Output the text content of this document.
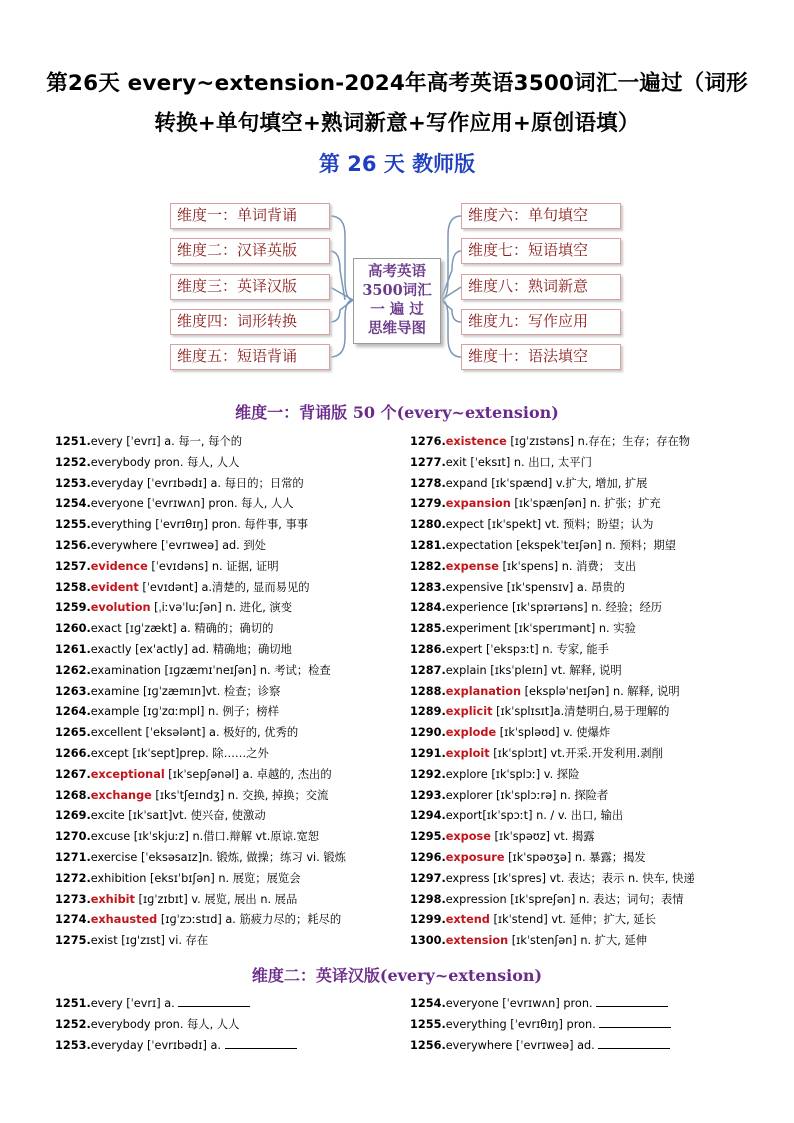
第26天 every~extension-2024年高考英语3500词汇一遍过（词形转换+单句填空+熟词新意+写作应用+原创语填）
第 26 天 教师版
维度一：单词背诵
维度二：汉译英版
维度三：英译汉版
维度四：词形转换
维度五：短语背诵
维度六：单句填空
维度七：短语填空
维度八：熟词新意
维度九：写作应用
维度十：语法填空
高考英语
3500词汇
一 遍 过
思维导图
维度一：背诵版 50 个(every~extension)
1251.every [ˈevrɪ] a. 每一, 每个的
1252.everybody pron. 每人, 人人
1253.everyday [ˈevrɪbədɪ] a. 每日的；日常的
1254.everyone [ˈevrɪwʌn] pron. 每人, 人人
1255.everything [ˈevrɪθɪŋ] pron. 每件事, 事事
1256.everywhere [ˈevrɪweə] ad. 到处
1257.evidence [ˈevɪdəns] n. 证据, 证明
1258.evident [ˈevɪdənt] a.清楚的, 显而易见的
1259.evolution [ˌiːvəˈluːʃən] n. 进化, 演变
1260.exact [ɪɡˈzækt] a. 精确的；确切的
1261.exactly [ex'actly] ad. 精确地；确切地
1262.examination [ɪɡzæmɪˈneɪʃən] n. 考试；检查
1263.examine [ɪɡˈzæmɪn]vt. 检查；诊察
1264.example [ɪɡˈzɑːmpl] n. 例子；榜样
1265.excellent [ˈeksələnt] a. 极好的, 优秀的
1266.except [ɪkˈsept]prep. 除……之外
1267.exceptional [ɪkˈsepʃənəl] a. 卓越的, 杰出的
1268.exchange [ɪksˈtʃeɪndʒ] n. 交换, 掉换；交流
1269.excite [ɪkˈsaɪt]vt. 使兴奋, 使激动
1270.excuse [ɪkˈskjuːz] n.借口.辩解 vt.原谅.宽恕
1271.exercise [ˈeksəsaɪz]n. 锻炼, 做操；练习 vi. 锻炼
1272.exhibition [eksɪˈbɪʃən] n. 展览；展览会
1273.exhibit [ɪɡˈzɪbɪt] v. 展览, 展出 n. 展品
1274.exhausted [ɪɡˈzɔːstɪd] a. 筋疲力尽的；耗尽的
1275.exist [ɪg'zɪst] vi. 存在
1276.existence [ɪɡˈzɪstəns] n.存在；生存；存在物
1277.exit [ˈeksɪt] n. 出口, 太平门
1278.expand [ɪkˈspænd] v.扩大, 增加, 扩展
1279.expansion [ɪkˈspænʃən] n. 扩张；扩充
1280.expect [ɪkˈspekt] vt. 预料；盼望；认为
1281.expectation [ekspekˈteɪʃən] n. 预料；期望
1282.expense [ɪkˈspens] n. 消费； 支出
1283.expensive [ɪkˈspensɪv] a. 昂贵的
1284.experience [ɪkˈspɪərɪəns] n. 经验；经历
1285.experiment [ɪkˈsperɪmənt] n. 实验
1286.expert [ˈekspɜːt] n. 专家, 能手
1287.explain [ɪksˈpleɪn] vt. 解释, 说明
1288.explanation [ekspləˈneɪʃən] n. 解释, 说明
1289.explicit [ɪkˈsplɪsɪt]a.清楚明白,易于理解的
1290.explode [ɪkˈspləʊd] v. 使爆炸
1291.exploit [ɪkˈsplɔɪt] vt.开采.开发利用.剥削
1292.explore [ɪkˈsplɔː] v. 探险
1293.explorer [ɪkˈsplɔːrə] n. 探险者
1294.export[ɪkˈspɔːt] n. / v. 出口, 输出
1295.expose [ɪkˈspəʊz] vt. 揭露
1296.exposure [ɪkˈspəʊʒə] n. 暴露；揭发
1297.express [ɪkˈspres] vt. 表达；表示 n. 快车, 快递
1298.expression [ɪkˈspreʃən] n. 表达；词句；表情
1299.extend [ɪkˈstend] vt. 延伸；扩大, 延长
1300.extension [ɪkˈstenʃən] n. 扩大, 延伸
维度二：英译汉版(every~extension)
1251.every [ˈevrɪ] a.
1252.everybody pron. 每人, 人人
1253.everyday [ˈevrɪbədɪ] a.
1254.everyone [ˈevrɪwʌn] pron.
1255.everything [ˈevrɪθɪŋ] pron.
1256.everywhere [ˈevrɪweə] ad.
